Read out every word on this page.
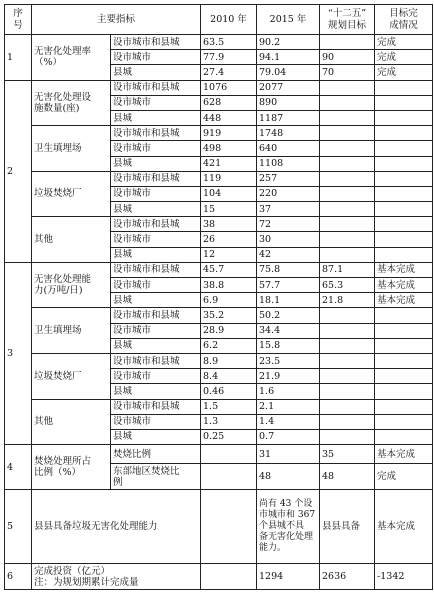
序
号	主要指标		2010 年	2015 年	“十二五”
规划目标	目标完
成情况

1	无害化处理率
（%）	设市城市和县城	63.5	90.2		完成
		设市城市	77.9	94.1	90	完成
		县城	27.4	79.04	70	完成
2	无害化处理设
施数量(座)	设市城市和县城	1076	2077		
		设市城市	628	890		
		县城	448	1187		
	卫生填埋场	设市城市和县城	919	1748		
		设市城市	498	640		
		县城	421	1108		
	垃圾焚烧厂	设市城市和县城	119	257		
		设市城市	104	220		
		县城	15	37		
	其他	设市城市和县城	38	72		
		设市城市	26	30		
		县城	12	42		
3	无害化处理能
力(万吨/日)	设市城市和县城	45.7	75.8	87.1	基本完成
		设市城市	38.8	57.7	65.3	基本完成
		县城	6.9	18.1	21.8	基本完成
	卫生填埋场	设市城市和县城	35.2	50.2		
		设市城市	28.9	34.4		
		县城	6.2	15.8		
	垃圾焚烧厂	设市城市和县城	8.9	23.5		
		设市城市	8.4	21.9		
		县城	0.46	1.6		
	其他	设市城市和县城	1.5	2.1		
		设市城市	1.3	1.4		
		县城	0.25	0.7		
4	焚烧处理所占
比例（%）	焚烧比例		31	35	基本完成

		东部地区焚烧比
例		48	48	完成
5	县县具备垃圾无害化处理能力			尚有 43 个设
市城市和 367
个县城不具
备无害化处理
能力。	县县具备	基本完成
6	完成投资（亿元）
注：为规划期累计完成量			1294	2636	-1342
